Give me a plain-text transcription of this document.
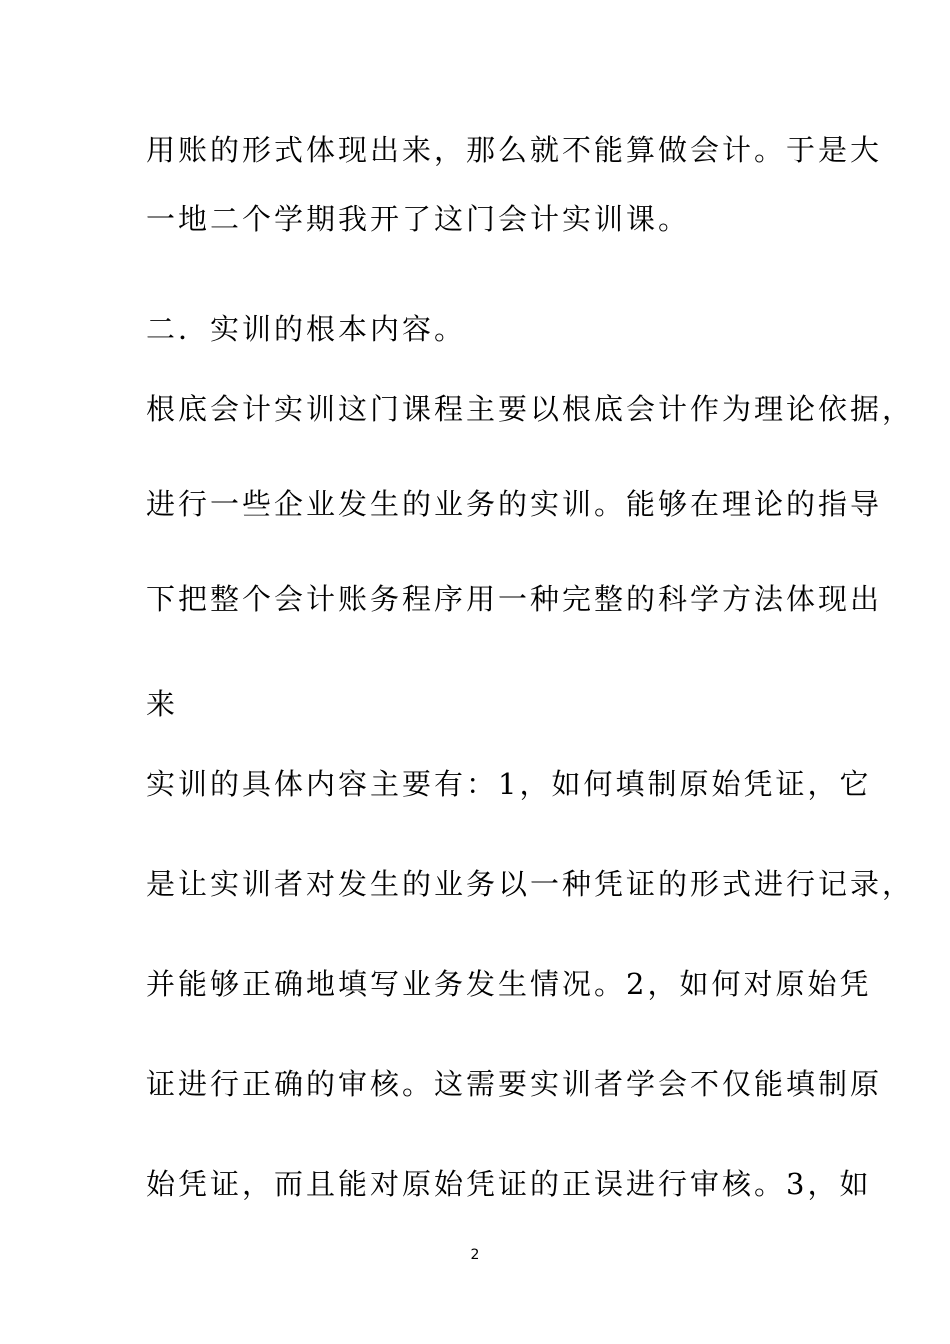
用账的形式体现出来，那么就不能算做会计。于是大
一地二个学期我开了这门会计实训课。
二．实训的根本内容。
根底会计实训这门课程主要以根底会计作为理论依据，
进行一些企业发生的业务的实训。能够在理论的指导
下把整个会计账务程序用一种完整的科学方法体现出
来
实训的具体内容主要有：1，如何填制原始凭证，它
是让实训者对发生的业务以一种凭证的形式进行记录，
并能够正确地填写业务发生情况。2，如何对原始凭
证进行正确的审核。这需要实训者学会不仅能填制原
始凭证，而且能对原始凭证的正误进行审核。3，如
2
